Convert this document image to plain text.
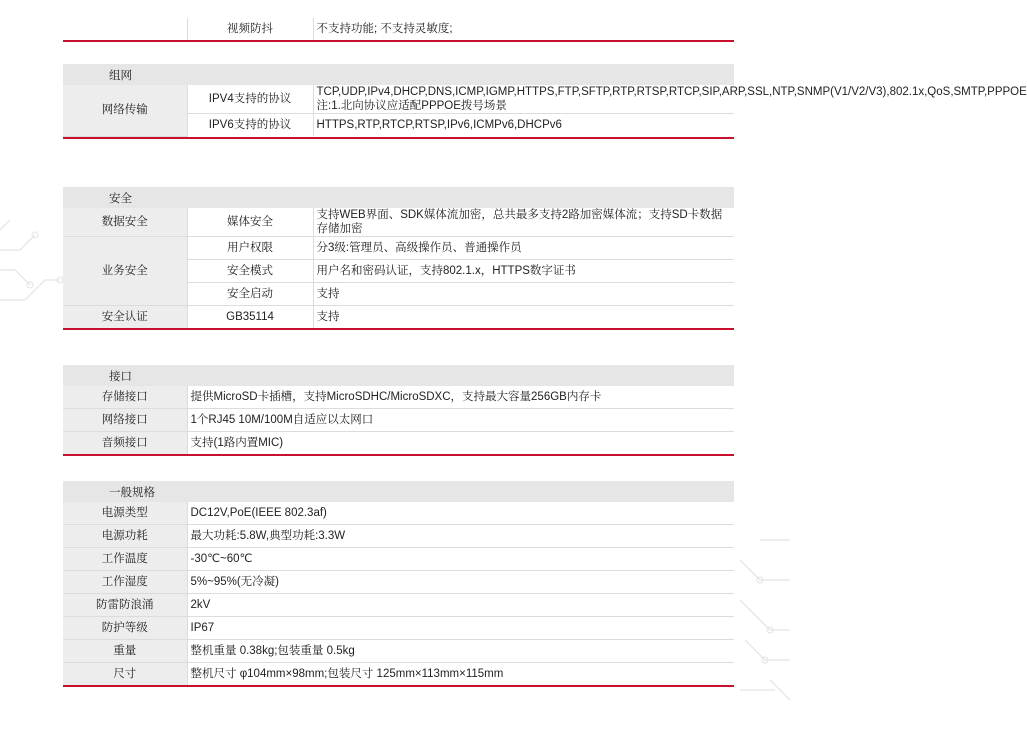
	视频防抖	不支持功能; 不支持灵敏度;
组网
网络传输	IPV4支持的协议	TCP,UDP,IPv4,DHCP,DNS,ICMP,IGMP,HTTPS,FTP,SFTP,RTP,RTSP,RTCP,SIP,ARP,SSL,NTP,SNMP(V1/V2/V3),802.1x,QoS,SMTP,PPPOE 注:1.北向协议应适配PPPOE拨号场景
	IPV6支持的协议	HTTPS,RTP,RTCP,RTSP,IPv6,ICMPv6,DHCPv6
安全
数据安全	媒体安全	支持WEB界面、SDK媒体流加密，总共最多支持2路加密媒体流；支持SD卡数据存储加密
业务安全	用户权限	分3级:管理员、高级操作员、普通操作员
	安全模式	用户名和密码认证，支持802.1.x，HTTPS数字证书
	安全启动	支持
安全认证	GB35114	支持
接口
存储接口	提供MicroSD卡插槽，支持MicroSDHC/MicroSDXC，支持最大容量256GB内存卡
网络接口	1个RJ45 10M/100M自适应以太网口
音频接口	支持(1路内置MIC)
一般规格
电源类型	DC12V,PoE(IEEE 802.3af)
电源功耗	最大功耗:5.8W,典型功耗:3.3W
工作温度	-30℃~60℃
工作湿度	5%~95%(无冷凝)
防雷防浪涌	2kV
防护等级	IP67
重量	整机重量 0.38kg;包装重量 0.5kg
尺寸	整机尺寸 φ104mm×98mm;包装尺寸 125mm×113mm×115mm
